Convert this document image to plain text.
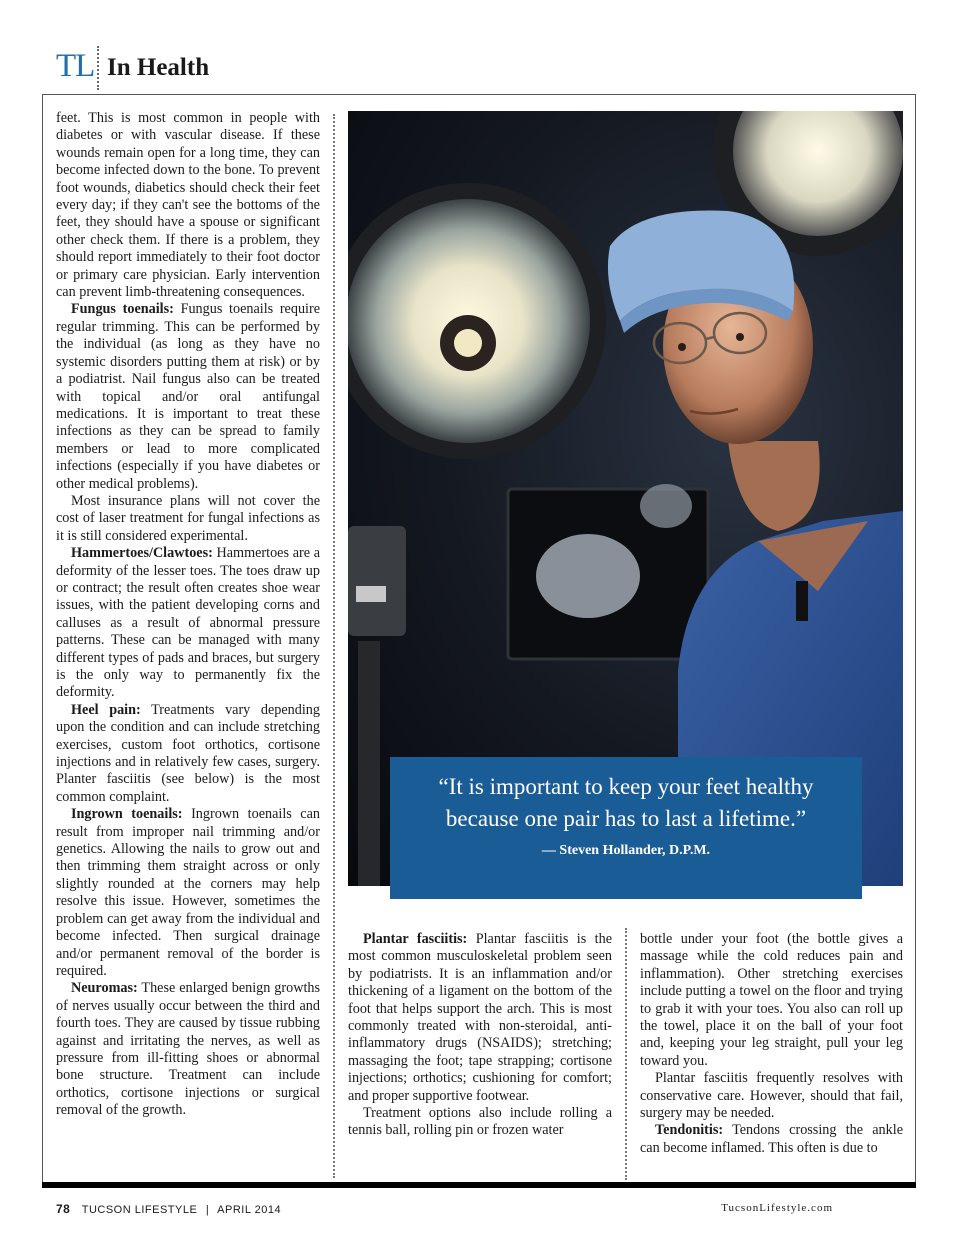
TL In Health

feet. This is most common in people with diabetes or with vascular disease. If these wounds remain open for a long time, they can become infected down to the bone. To prevent foot wounds, diabetics should check their feet every day; if they can't see the bottoms of the feet, they should have a spouse or significant other check them. If there is a problem, they should report immediately to their foot doctor or primary care physician. Early intervention can prevent limb-threatening consequences.

Fungus toenails: Fungus toenails require regular trimming. This can be performed by the individual (as long as they have no systemic disorders putting them at risk) or by a podiatrist. Nail fungus also can be treated with topical and/or oral antifungal medications. It is important to treat these infections as they can be spread to family members or lead to more complicated infections (especially if you have diabetes or other medical problems).

Most insurance plans will not cover the cost of laser treatment for fungal infections as it is still considered experimental.

Hammertoes/Clawtoes: Hammertoes are a deformity of the lesser toes. The toes draw up or contract; the result often creates shoe wear issues, with the patient developing corns and calluses as a result of abnormal pressure patterns. These can be managed with many different types of pads and braces, but surgery is the only way to permanently fix the deformity.

Heel pain: Treatments vary depending upon the condition and can include stretching exercises, custom foot orthotics, cortisone injections and in relatively few cases, surgery. Planter fasciitis (see below) is the most common complaint.

Ingrown toenails: Ingrown toenails can result from improper nail trimming and/or genetics. Allowing the nails to grow out and then trimming them straight across or only slightly rounded at the corners may help resolve this issue. However, sometimes the problem can get away from the individual and become infected. Then surgical drainage and/or permanent removal of the border is required.

Neuromas: These enlarged benign growths of nerves usually occur between the third and fourth toes. They are caused by tissue rubbing against and irritating the nerves, as well as pressure from ill-fitting shoes or abnormal bone structure. Treatment can include orthotics, cortisone injections or surgical removal of the growth.

“It is important to keep your feet healthy because one pair has to last a lifetime.”
— Steven Hollander, D.P.M.

Plantar fasciitis: Plantar fasciitis is the most common musculoskeletal problem seen by podiatrists. It is an inflammation and/or thickening of a ligament on the bottom of the foot that helps support the arch. This is most commonly treated with non-steroidal, anti-inflammatory drugs (NSAIDS); stretching; massaging the foot; tape strapping; cortisone injections; orthotics; cushioning for comfort; and proper supportive footwear.

Treatment options also include rolling a tennis ball, rolling pin or frozen water

bottle under your foot (the bottle gives a massage while the cold reduces pain and inflammation). Other stretching exercises include putting a towel on the floor and trying to grab it with your toes. You also can roll up the towel, place it on the ball of your foot and, keeping your leg straight, pull your leg toward you.

Plantar fasciitis frequently resolves with conservative care. However, should that fail, surgery may be needed.

Tendonitis: Tendons crossing the ankle can become inflamed. This often is due to

78 TUCSON LIFESTYLE | APRIL 2014	TucsonLifestyle.com
